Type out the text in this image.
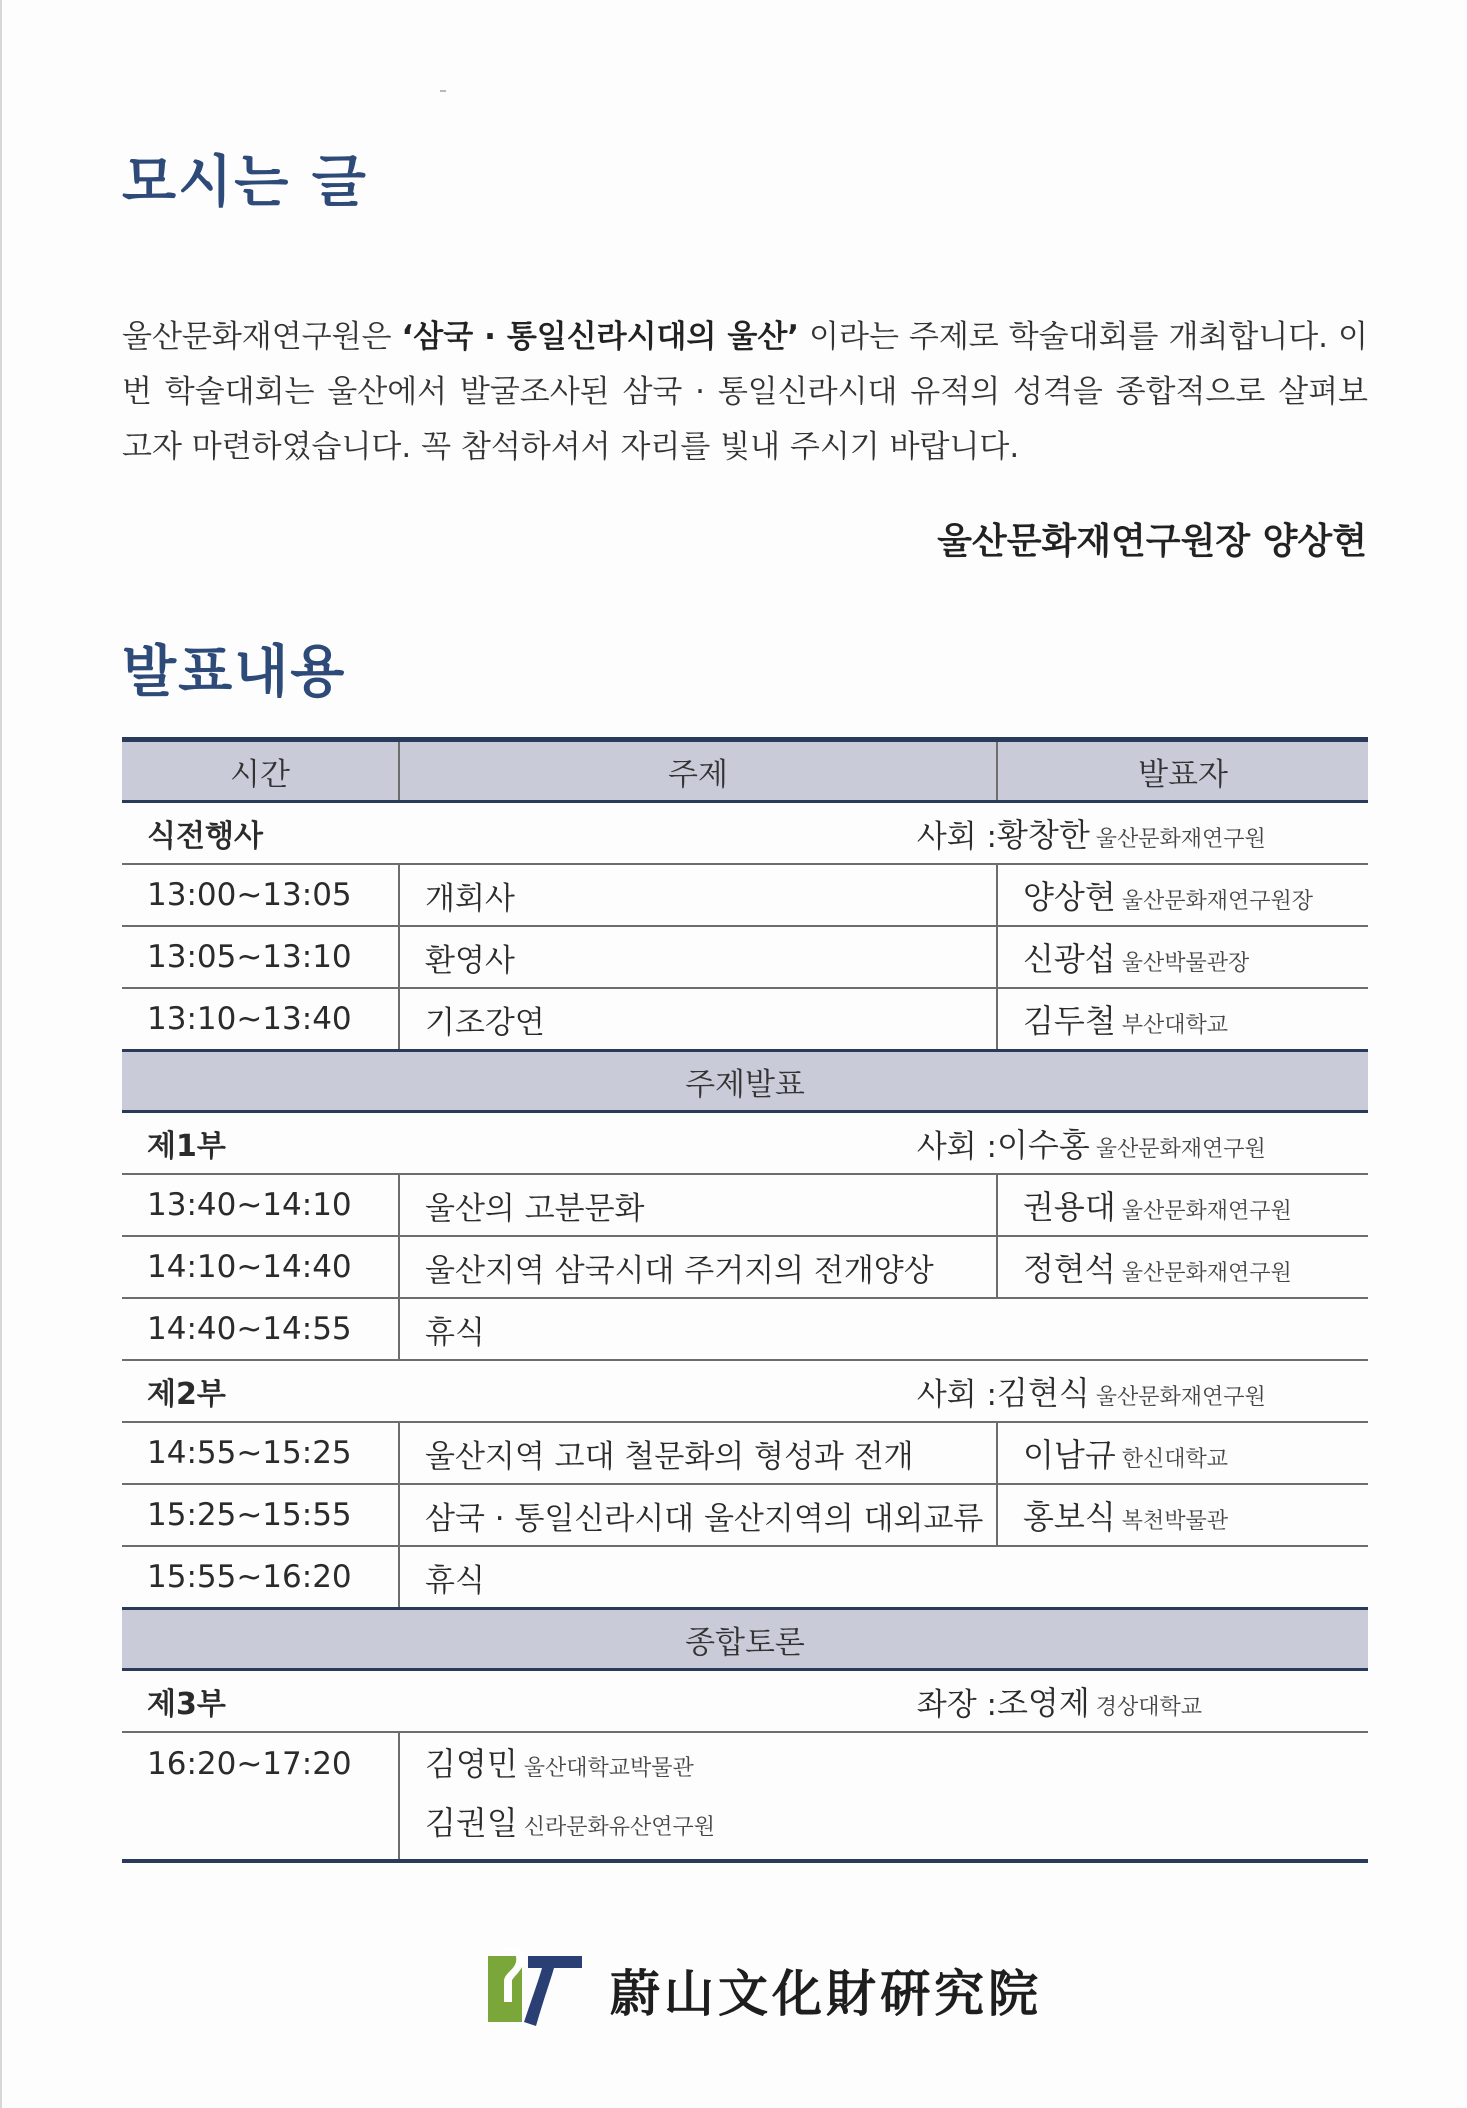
모시는 글
울산문화재연구원은 ‘삼국 · 통일신라시대의 울산’ 이라는 주제로 학술대회를 개최합니다. 이번 학술대회는 울산에서 발굴조사된 삼국 · 통일신라시대 유적의 성격을 종합적으로 살펴보고자 마련하였습니다. 꼭 참석하셔서 자리를 빛내 주시기 바랍니다.
울산문화재연구원장 양상현
발표내용
시간	주제	발표자
식전행사	사회 :	황창한 울산문화재연구원
13:00~13:05	개회사	양상현 울산문화재연구원장
13:05~13:10	환영사	신광섭 울산박물관장
13:10~13:40	기조강연	김두철 부산대학교
주제발표		
제1부	사회 :	이수홍 울산문화재연구원
13:40~14:10	울산의 고분문화	권용대 울산문화재연구원
14:10~14:40	울산지역 삼국시대 주거지의 전개양상	정현석 울산문화재연구원
14:40~14:55	휴식	
제2부	사회 :	김현식 울산문화재연구원
14:55~15:25	울산지역 고대 철문화의 형성과 전개	이남규 한신대학교
15:25~15:55	삼국 · 통일신라시대 울산지역의 대외교류	홍보식 복천박물관
15:55~16:20	휴식	
종합토론		
제3부	좌장 :	조영제 경상대학교
16:20~17:20	김영민 울산대학교박물관
김권일 신라문화유산연구원	
蔚山文化財硏究院
